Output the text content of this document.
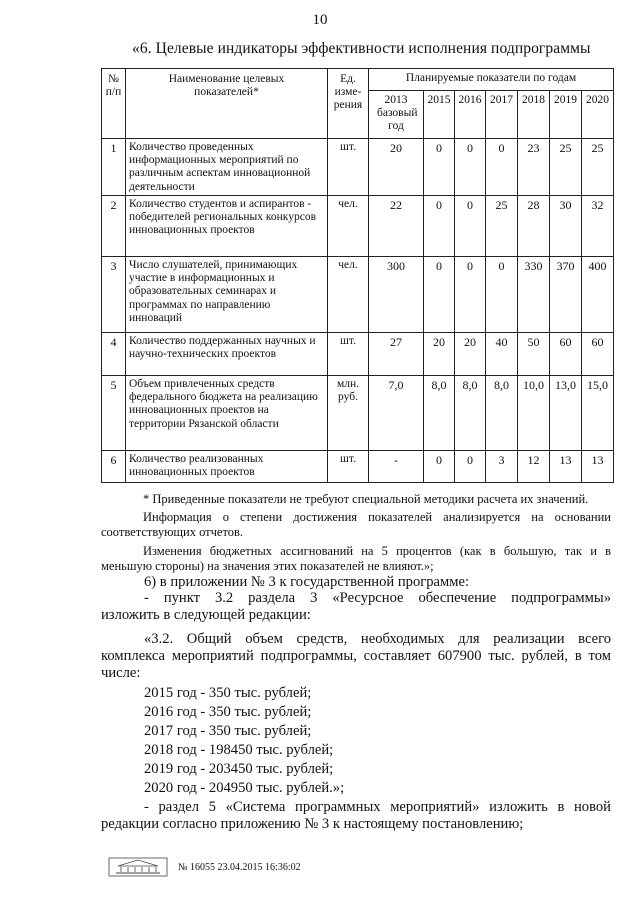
10
«6. Целевые индикаторы эффективности исполнения подпрограммы
№ п/п	Наименование целевых показателей*	Ед. изме-рения	Планируемые показатели по годам						
			2013 базовый год	2015	2016	2017	2018	2019	2020
1	Количество проведенных информационных мероприятий по различным аспектам инновационной деятельности	шт.	20	0	0	0	23	25	25
2	Количество студентов и аспирантов - победителей региональных конкурсов инновационных проектов	чел.	22	0	0	25	28	30	32
3	Число слушателей, принимающих участие в информационных и образовательных семинарах и программах по направлению инноваций	чел.	300	0	0	0	330	370	400
4	Количество поддержанных научных и научно-технических проектов	шт.	27	20	20	40	50	60	60
5	Объем привлеченных средств федерального бюджета на реализацию инновационных проектов на территории Рязанской области	млн. руб.	7,0	8,0	8,0	8,0	10,0	13,0	15,0
6	Количество реализованных инновационных проектов	шт.	-	0	0	3	12	13	13
* Приведенные показатели не требуют специальной методики расчета их значений.
Информация о степени достижения показателей анализируется на основании
соответствующих отчетов.
Изменения бюджетных ассигнований на 5 процентов (как в большую, так и в
меньшую стороны) на значения этих показателей не влияют.»;
6) в приложении № 3 к государственной программе:
- пункт 3.2 раздела 3 «Ресурсное обеспечение подпрограммы»
изложить в следующей редакции:
«3.2. Общий объем средств, необходимых для реализации всего
комплекса мероприятий подпрограммы, составляет 607900 тыс. рублей, в том
числе:
2015 год - 350 тыс. рублей;
2016 год - 350 тыс. рублей;
2017 год - 350 тыс. рублей;
2018 год - 198450 тыс. рублей;
2019 год - 203450 тыс. рублей;
2020 год - 204950 тыс. рублей.»;
- раздел 5 «Система программных мероприятий» изложить в новой
редакции согласно приложению № 3 к настоящему постановлению;
№ 16055 23.04.2015 16:36:02
